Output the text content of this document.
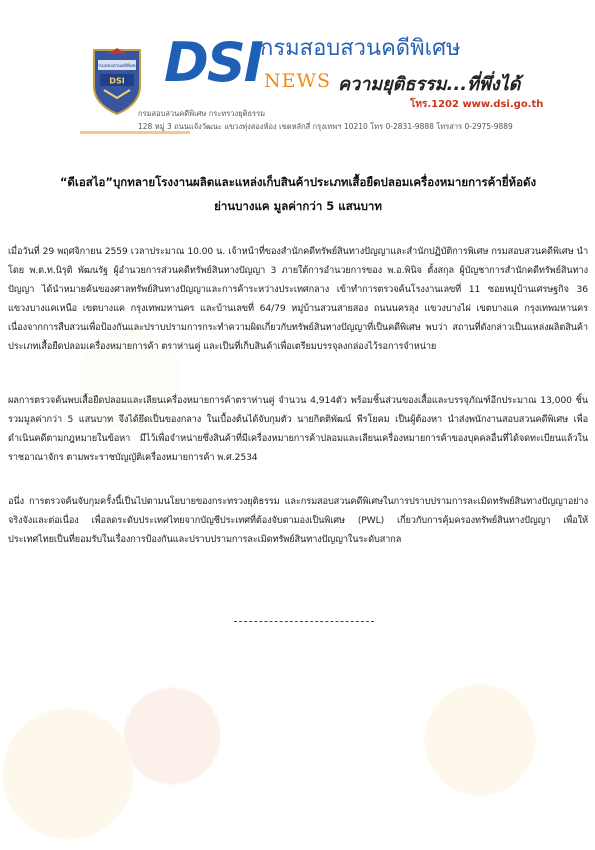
กรมสอบสวนคดีพิเศษ
DSI DSI
กรมสอบสวนคดีพิเศษ
NEWS ความยุติธรรม...ที่พึ่งได้
โทร.1202 www.dsi.go.th
กรมสอบสวนคดีพิเศษ กระทรวงยุติธรรม
128 หมู่ 3 ถนนแจ้งวัฒนะ แขวงทุ่งสองห้อง เขตหลักสี่ กรุงเทพฯ 10210 โทร 0-2831-9888 โทรสาร 0-2975-9889
“ดีเอสไอ”บุกทลายโรงงานผลิตและแหล่งเก็บสินค้าประเภทเสื้อยืดปลอมเครื่องหมายการค้ายี่ห้อดัง
ย่านบางแค มูลค่ากว่า 5 แสนบาท

เมื่อวันที่ 29 พฤศจิกายน 2559 เวลาประมาณ 10.00 น. เจ้าหน้าที่ของสำนักคดีทรัพย์สินทางปัญญาและสำนักปฏิบัติการพิเศษ กรมสอบสวนคดีพิเศษ นำโดย พ.ต.ท.นิรุติ พัฒนรัฐ ผู้อำนวยการส่วนคดีทรัพย์สินทางปัญญา 3 ภายใต้การอำนวยการของ พ.อ.พินิจ ตั้งสกุล ผู้บัญชาการสำนักคดีทรัพย์สินทางปัญญา ได้นำหมายค้นของศาลทรัพย์สินทางปัญญาและการค้าระหว่างประเทศกลาง เข้าทำการตรวจค้นโรงงานเลขที่ 11 ซอยหมู่บ้านเศรษฐกิจ 36 แขวงบางแคเหนือ เขตบางแค กรุงเทพมหานคร และบ้านเลขที่ 64/79 หมู่บ้านสวนสายสอง ถนนนครลุง แขวงบางไผ่ เขตบางแค กรุงเทพมหานคร เนื่องจากการสืบสวนเพื่อป้องกันและปราบปรามการกระทำความผิดเกี่ยวกับทรัพย์สินทางปัญญาที่เป็นคดีพิเศษ พบว่า สถานที่ดังกล่าวเป็นแหล่งผลิตสินค้าประเภทเสื้อยืดปลอมเครื่องหมายการค้า ตราห่านคู่ และเป็นที่เก็บสินค้าเพื่อเตรียมบรรจุลงกล่องไว้รอการจำหน่าย

ผลการตรวจค้นพบเสื้อยืดปลอมและเลียนเครื่องหมายการค้าตราห่านคู่ จำนวน 4,914ตัว พร้อมชิ้นส่วนของเสื้อและบรรจุภัณฑ์อีกประมาณ 13,000 ชิ้น รวมมูลค่ากว่า 5 แสนบาท จึงได้ยึดเป็นของกลาง ในเบื้องต้นได้จับกุมตัว นายกิตติพัฒน์ พีรโยคม เป็นผู้ต้องหา นำส่งพนักงานสอบสวนคดีพิเศษ เพื่อดำเนินคดีตามกฎหมายในข้อหา มีไว้เพื่อจำหน่ายซึ่งสินค้าที่มีเครื่องหมายการค้าปลอมและเลียนเครื่องหมายการค้าของบุคคลอื่นที่ได้จดทะเบียนแล้วในราชอาณาจักร ตามพระราชบัญญัติเครื่องหมายการค้า พ.ศ.2534

อนึ่ง การตรวจค้นจับกุมครั้งนี้เป็นไปตามนโยบายของกระทรวงยุติธรรม และกรมสอบสวนคดีพิเศษในการปราบปรามการละเมิดทรัพย์สินทางปัญญาอย่างจริงจังและต่อเนื่อง เพื่อลดระดับประเทศไทยจากบัญชีประเทศที่ต้องจับตามองเป็นพิเศษ (PWL) เกี่ยวกับการคุ้มครองทรัพย์สินทางปัญญา เพื่อให้ประเทศไทยเป็นที่ยอมรับในเรื่องการป้องกันและปราบปรามการละเมิดทรัพย์สินทางปัญญาในระดับสากล
